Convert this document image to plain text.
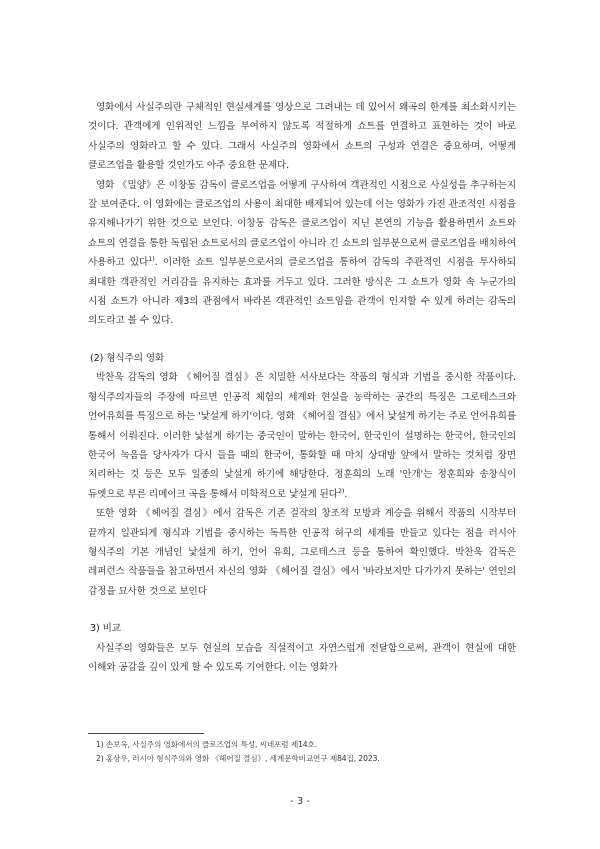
영화에서 사실주의란 구체적인 현실세계를 영상으로 그려내는 데 있어서 왜곡의 한계를 최소화시키는 것이다. 관객에게 인위적인 느낌을 부여하지 않도록 적절하게 쇼트를 연결하고 표현하는 것이 바로 사실주의 영화라고 할 수 있다. 그래서 사실주의 영화에서 쇼트의 구성과 연결은 중요하며, 어떻게 클로즈업을 활용할 것인가도 아주 중요한 문제다.

영화 《밀양》은 이창동 감독이 클로즈업을 어떻게 구사하여 객관적인 시점으로 사실성을 추구하는지 잘 보여준다. 이 영화에는 클로즈업의 사용이 최대한 배제되어 있는데 이는 영화가 가진 관조적인 시점을 유지해나가기 위한 것으로 보인다. 이창동 감독은 클로즈업이 지닌 본연의 기능을 활용하면서 쇼트와 쇼트의 연결을 통한 독립된 쇼트로서의 클로즈업이 아니라 긴 쇼트의 일부분으로써 클로즈업을 배치하여 사용하고 있다$^{1)}$. 이러한 쇼트 일부분으로서의 클로즈업을 통하여 감독의 주관적인 시점을 투사하되 최대한 객관적인 거리감을 유지하는 효과를 거두고 있다. 그러한 방식은 그 쇼트가 영화 속 누군가의 시점 쇼트가 아니라 제3의 관점에서 바라본 객관적인 쇼트임을 관객이 인지할 수 있게 하려는 감독의 의도라고 볼 수 있다.

(2) 형식주의 영화

박찬욱 감독의 영화 《헤어질 결심》은 치밀한 서사보다는 작품의 형식과 기법을 중시한 작품이다. 형식주의자들의 주장에 따르면 인공적 체험의 세계와 현실을 농락하는 공간의 특징은 그로테스크와 언어유희를 특징으로 하는 '낯설게 하기'이다. 영화 《헤어질 결심》에서 낯설게 하기는 주로 언어유희를 통해서 이뤄진다. 이러한 낯설게 하기는 중국인이 말하는 한국어, 한국인이 설명하는 한국어, 한국인의 한국어 녹음을 당사자가 다시 들을 때의 한국어, 통화할 때 마치 상대방 앞에서 말하는 것처럼 장면 처리하는 것 등은 모두 일종의 낯설게 하기에 해당한다. 정훈희의 노래 '안개'는 정훈희와 송창식이 듀엣으로 부른 리메이크 곡을 통해서 미학적으로 낯설게 된다$^{2)}$.

또한 영화 《헤어질 결심》에서 감독은 기존 걸작의 창조적 모방과 계승을 위해서 작품의 시작부터 끝까지 일관되게 형식과 기법을 중시하는 독특한 인공적 허구의 세계를 만들고 있다는 점을 러시아 형식주의 기본 개념인 낯설게 하기, 언어 유희, 그로테스크 등을 통하여 확인했다. 박찬욱 감독은 레퍼런스 작품들을 참고하면서 자신의 영화 《헤어질 결심》에서 '바라보지만 다가가지 못하는' 연인의 감정을 묘사한 것으로 보인다

3) 비교

사실주의 영화들은 모두 현실의 모습을 직설적이고 자연스럽게 전달함으로써, 관객이 현실에 대한 이해와 공감을 깊이 있게 할 수 있도록 기여한다. 이는 영화가

1) 손보옥, 사실주의 영화에서의 클로즈업의 특성, 씨네포럼 제14호.

2) 홍상우, 러시아 형식주의와 영화 《헤어질 결심》, 세계문학비교연구 제84집, 2023.

- 3 -
